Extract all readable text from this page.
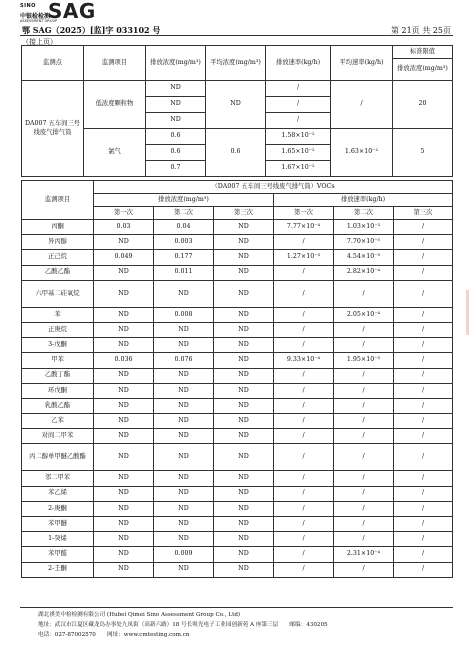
SINO SAG
中银检检测
ASSESSMENT GROUP
鄂 SAG（2025）[监]字 033102 号	第 21页 共 25页
（接上页）
监测点	监测项目	排放浓度(mg/m³)	平均浓度(mg/m³)	排放速率(kg/h)	平均速率(kg/h)	标准限值
						排放浓度(mg/m³)
DA007 五车间三号线废气排气筒	低浓度颗粒物	ND	ND	/	/	20
		ND		/		
		ND		/		
	氯气	0.6	0.6	1.58×10⁻²	1.63×10⁻²	5
		0.6		1.65×10⁻²		
		0.7		1.67×10⁻²		
监测项目	（DA007 五车间三号线废气排气筒）VOCs					
	排放浓度(mg/m³)			排放速率(kg/h)		
	第一次	第二次	第三次	第一次	第二次	第三次
丙酮	0.03	0.04	ND	7.77×10⁻⁴	1.03×10⁻³	/
异丙醇	ND	0.003	ND	/	7.70×10⁻⁵	/
正己烷	0.049	0.177	ND	1.27×10⁻³	4.54×10⁻³	/
乙酸乙酯	ND	0.011	ND	/	2.82×10⁻⁴	/
六甲基二硅氧烷	ND	ND	ND	/	/	/
苯	ND	0.008	ND	/	2.05×10⁻⁴	/
正庚烷	ND	ND	ND	/	/	/
3-戊酮	ND	ND	ND	/	/	/
甲苯	0.036	0.076	ND	9.33×10⁻⁴	1.95×10⁻³	/
乙酸丁酯	ND	ND	ND	/	/	/
环戊酮	ND	ND	ND	/	/	/
乳酸乙酯	ND	ND	ND	/	/	/
乙苯	ND	ND	ND	/	/	/
对间二甲苯	ND	ND	ND	/	/	/
丙二醇单甲醚乙酸酯	ND	ND	ND	/	/	/
邻二甲苯	ND	ND	ND	/	/	/
苯乙烯	ND	ND	ND	/	/	/
2-庚酮	ND	ND	ND	/	/	/
苯甲醚	ND	ND	ND	/	/	/
1-癸烯	ND	ND	ND	/	/	/
苯甲醛	ND	0.009	ND	/	2.31×10⁻⁴	/
2-壬酮	ND	ND	ND	/	/	/
湖北祺美中检检测有限公司 (Hubei Qimei Sino Assessment Group Co., Ltd)
地址：武汉市江夏区藏龙岛办事处九凤街（高新六路）18 号长咀光电子工业园创新苑 A 座第三层　　邮编：430205
电话：027-87002570　　网址：www.cmtesting.com.cn
